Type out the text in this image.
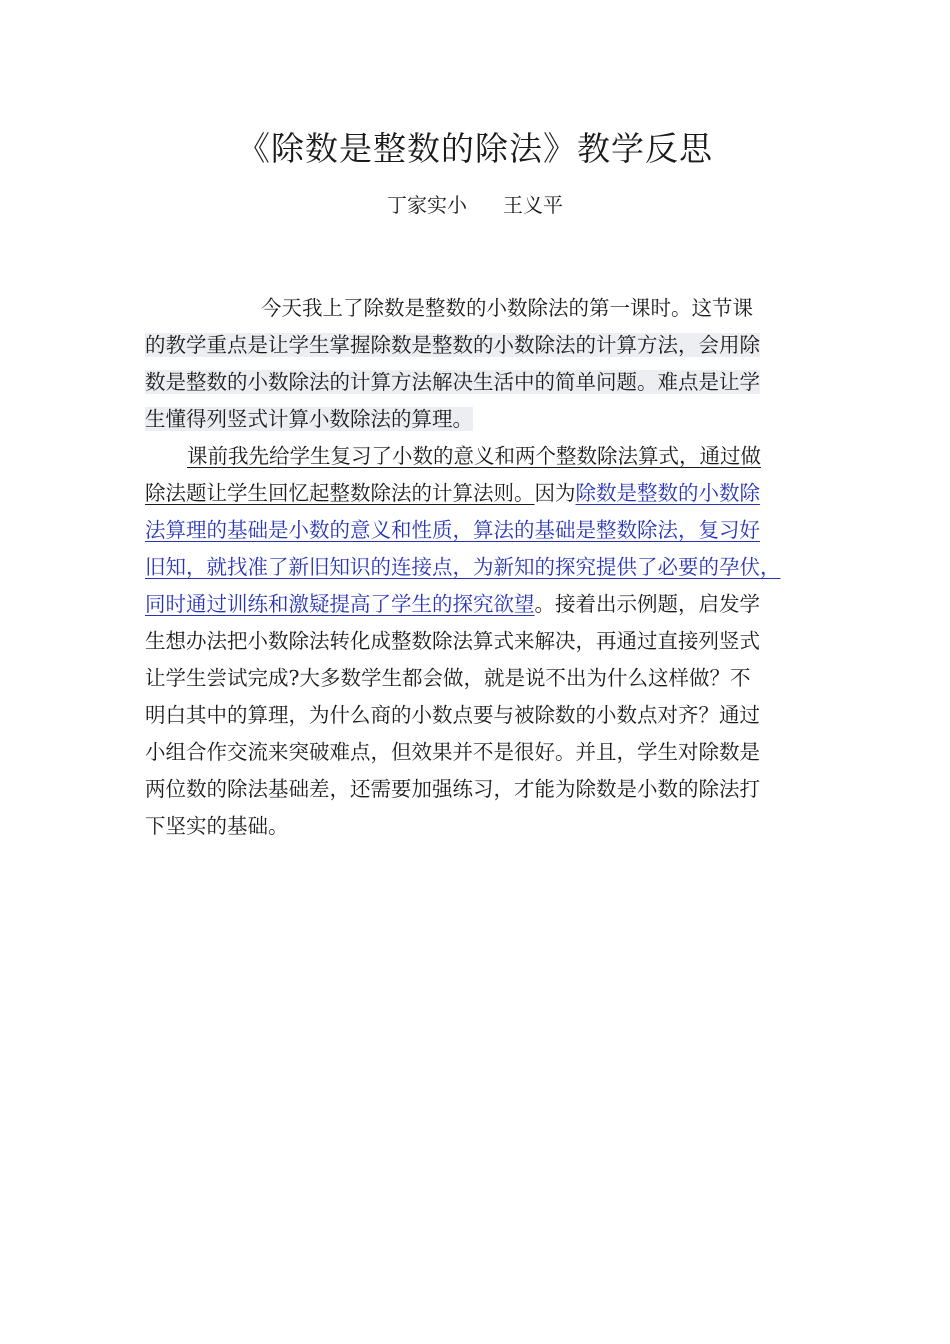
《除数是整数的除法》教学反思
丁家实小 王义平
今天我上了除数是整数的小数除法的第一课时。这节课
的教学重点是让学生掌握除数是整数的小数除法的计算方法，会用除
数是整数的小数除法的计算方法解决生活中的简单问题。难点是让学
生懂得列竖式计算小数除法的算理。
课前我先给学生复习了小数的意义和两个整数除法算式，通过做
除法题让学生回忆起整数除法的计算法则。因为除数是整数的小数除
法算理的基础是小数的意义和性质，算法的基础是整数除法，复习好
旧知，就找准了新旧知识的连接点，为新知的探究提供了必要的孕伏，
同时通过训练和激疑提高了学生的探究欲望。接着出示例题，启发学
生想办法把小数除法转化成整数除法算式来解决，再通过直接列竖式
让学生尝试完成?大多数学生都会做，就是说不出为什么这样做？不
明白其中的算理，为什么商的小数点要与被除数的小数点对齐？通过
小组合作交流来突破难点，但效果并不是很好。并且，学生对除数是
两位数的除法基础差，还需要加强练习，才能为除数是小数的除法打
下坚实的基础。
